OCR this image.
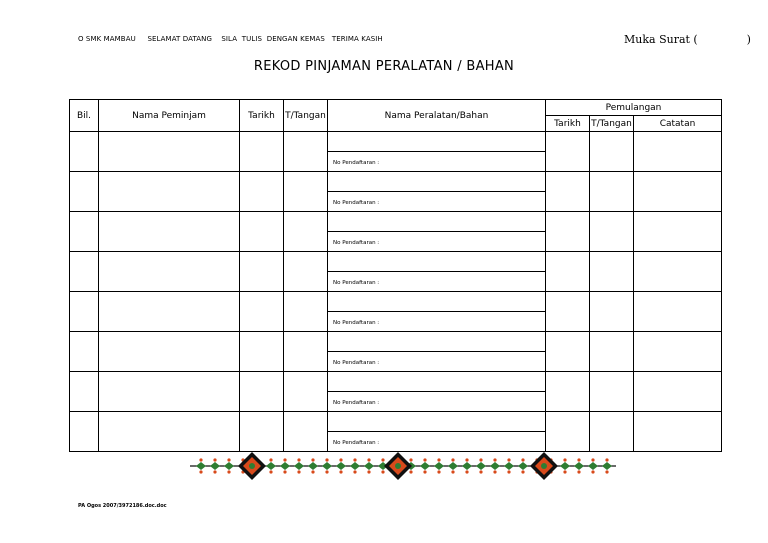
O SMK MAMBAU     SELAMAT DATANG    SILA  TULIS  DENGAN KEMAS   TERIMA KASIH	Muka Surat (              )
REKOD PINJAMAN PERALATAN / BAHAN
Bil.	Nama Peminjam	Tarikh	T/Tangan	Nama Peralatan/Bahan	Pemulangan		
					Tarikh	T/Tangan	Catatan

				No Pendaftaran :			

				No Pendaftaran :			

				No Pendaftaran :			

				No Pendaftaran :			

				No Pendaftaran :			

				No Pendaftaran :			

				No Pendaftaran :			

				No Pendaftaran :			

PA Ogos 2007/3972186.doc.doc
